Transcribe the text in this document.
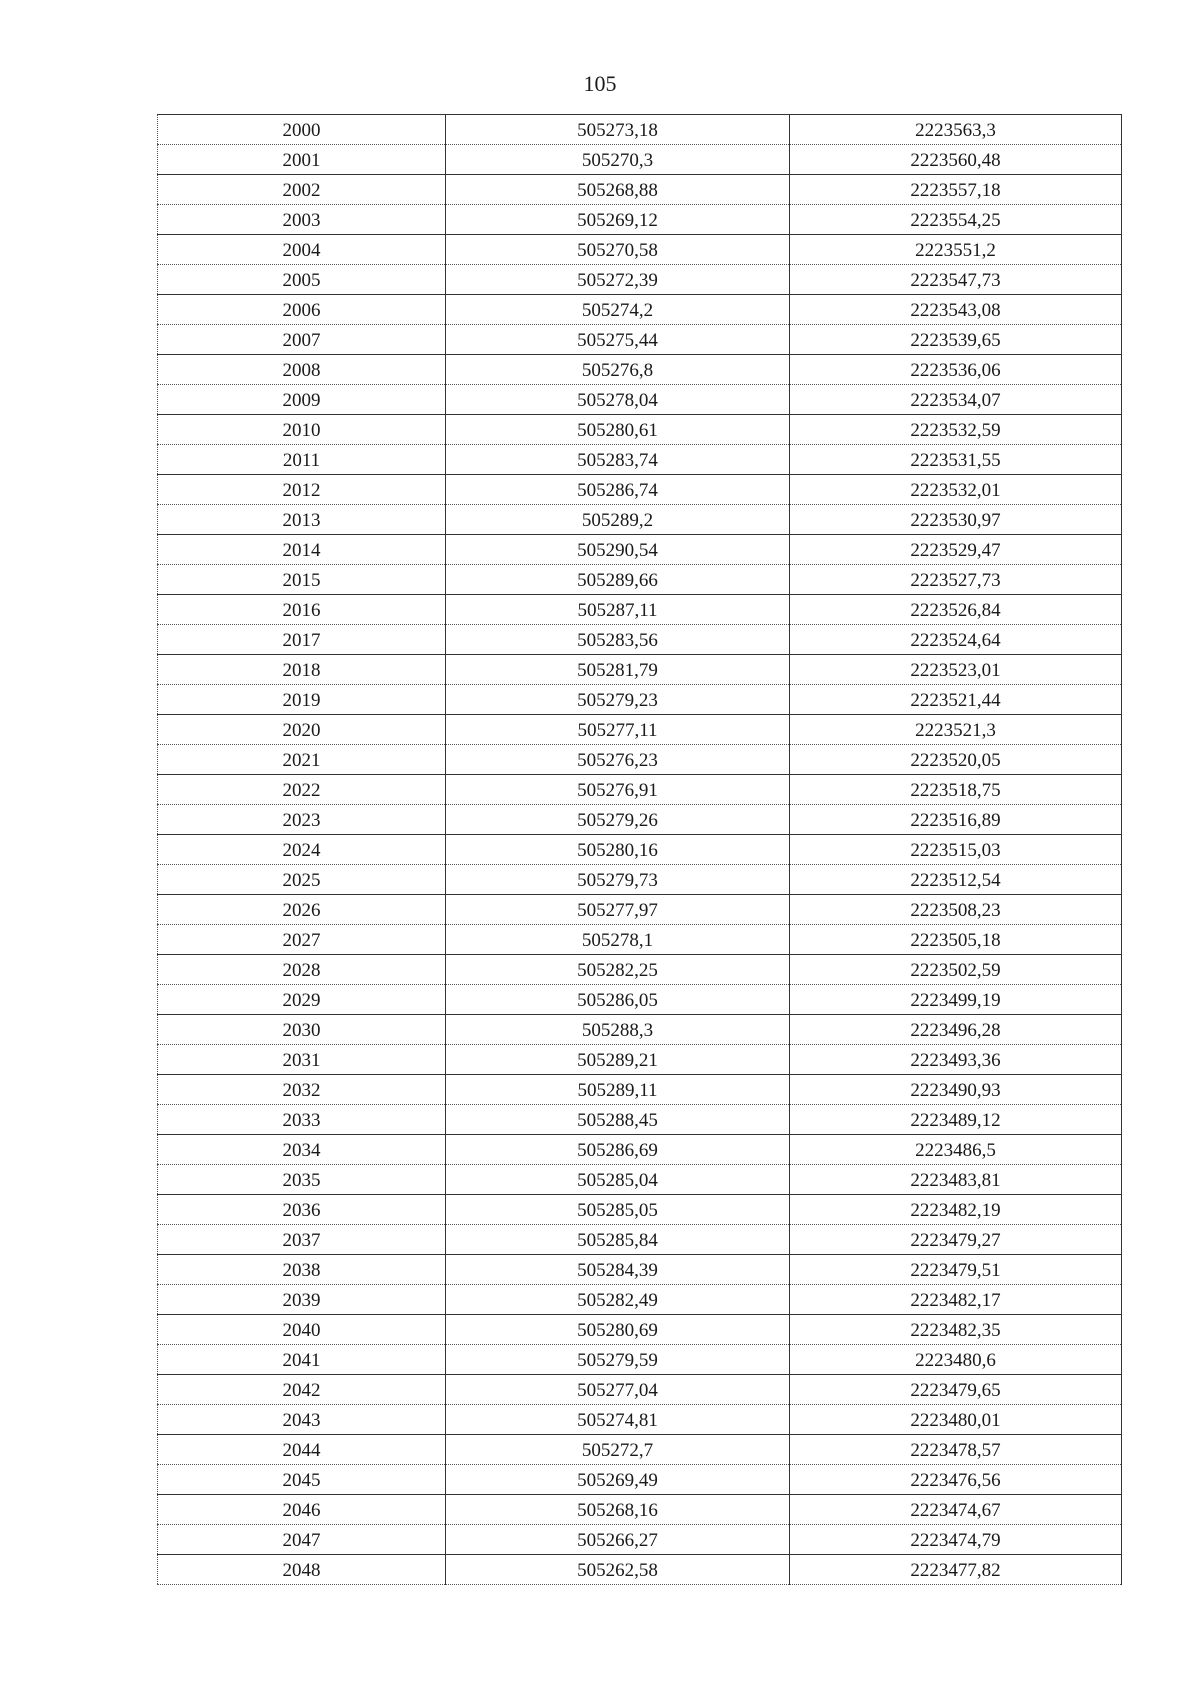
105
2000	505273,18	2223563,3
2001	505270,3	2223560,48
2002	505268,88	2223557,18
2003	505269,12	2223554,25
2004	505270,58	2223551,2
2005	505272,39	2223547,73
2006	505274,2	2223543,08
2007	505275,44	2223539,65
2008	505276,8	2223536,06
2009	505278,04	2223534,07
2010	505280,61	2223532,59
2011	505283,74	2223531,55
2012	505286,74	2223532,01
2013	505289,2	2223530,97
2014	505290,54	2223529,47
2015	505289,66	2223527,73
2016	505287,11	2223526,84
2017	505283,56	2223524,64
2018	505281,79	2223523,01
2019	505279,23	2223521,44
2020	505277,11	2223521,3
2021	505276,23	2223520,05
2022	505276,91	2223518,75
2023	505279,26	2223516,89
2024	505280,16	2223515,03
2025	505279,73	2223512,54
2026	505277,97	2223508,23
2027	505278,1	2223505,18
2028	505282,25	2223502,59
2029	505286,05	2223499,19
2030	505288,3	2223496,28
2031	505289,21	2223493,36
2032	505289,11	2223490,93
2033	505288,45	2223489,12
2034	505286,69	2223486,5
2035	505285,04	2223483,81
2036	505285,05	2223482,19
2037	505285,84	2223479,27
2038	505284,39	2223479,51
2039	505282,49	2223482,17
2040	505280,69	2223482,35
2041	505279,59	2223480,6
2042	505277,04	2223479,65
2043	505274,81	2223480,01
2044	505272,7	2223478,57
2045	505269,49	2223476,56
2046	505268,16	2223474,67
2047	505266,27	2223474,79
2048	505262,58	2223477,82
